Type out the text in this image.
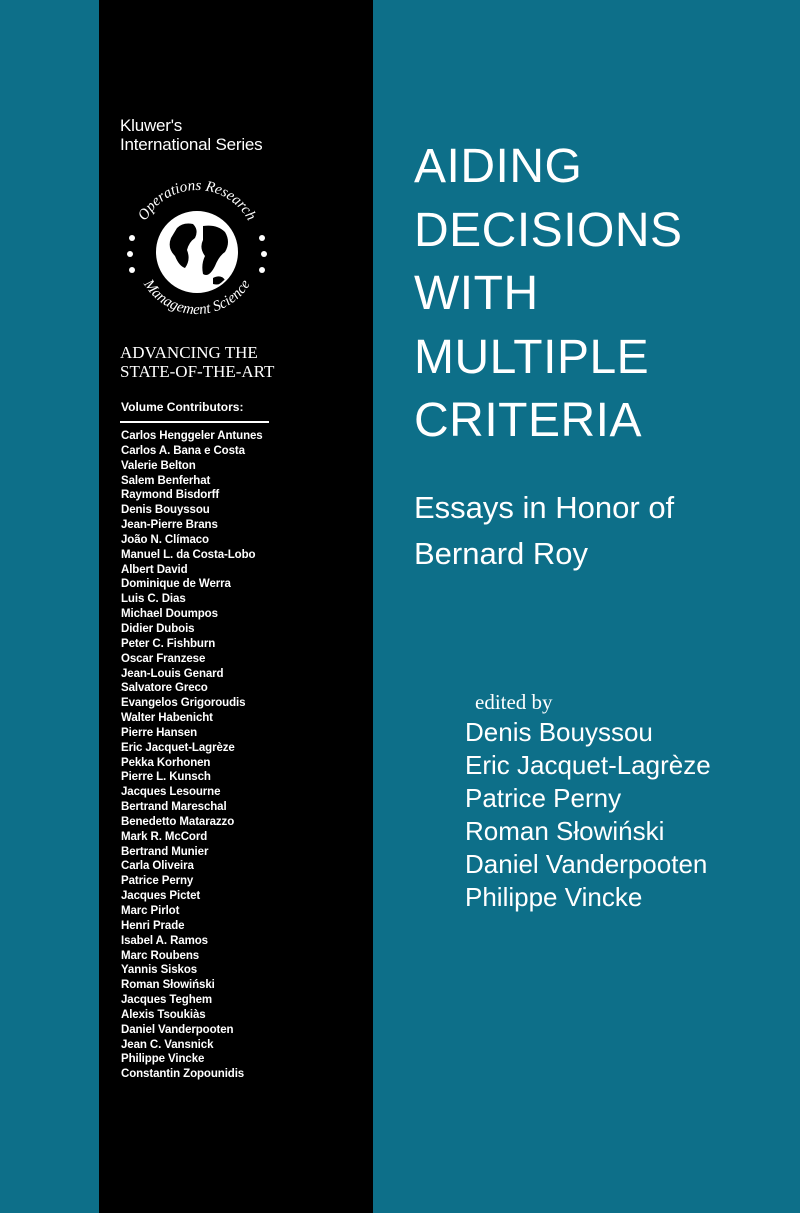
Kluwer's
International Series
Operations Research
Management Science
ADVANCING THE
STATE-OF-THE-ART
Volume Contributors:
Carlos Henggeler Antunes
Carlos A. Bana e Costa
Valerie Belton
Salem Benferhat
Raymond Bisdorff
Denis Bouyssou
Jean-Pierre Brans
João N. Clímaco
Manuel L. da Costa-Lobo
Albert David
Dominique de Werra
Luis C. Dias
Michael Doumpos
Didier Dubois
Peter C. Fishburn
Oscar Franzese
Jean-Louis Genard
Salvatore Greco
Evangelos Grigoroudis
Walter Habenicht
Pierre Hansen
Eric Jacquet-Lagrèze
Pekka Korhonen
Pierre L. Kunsch
Jacques Lesourne
Bertrand Mareschal
Benedetto Matarazzo
Mark R. McCord
Bertrand Munier
Carla Oliveira
Patrice Perny
Jacques Pictet
Marc Pirlot
Henri Prade
Isabel A. Ramos
Marc Roubens
Yannis Siskos
Roman Słowiński
Jacques Teghem
Alexis Tsoukiàs
Daniel Vanderpooten
Jean C. Vansnick
Philippe Vincke
Constantin Zopounidis
AIDING
DECISIONS
WITH
MULTIPLE
CRITERIA
Essays in Honor of
Bernard Roy
edited by
Denis Bouyssou
Eric Jacquet-Lagrèze
Patrice Perny
Roman Słowiński
Daniel Vanderpooten
Philippe Vincke
